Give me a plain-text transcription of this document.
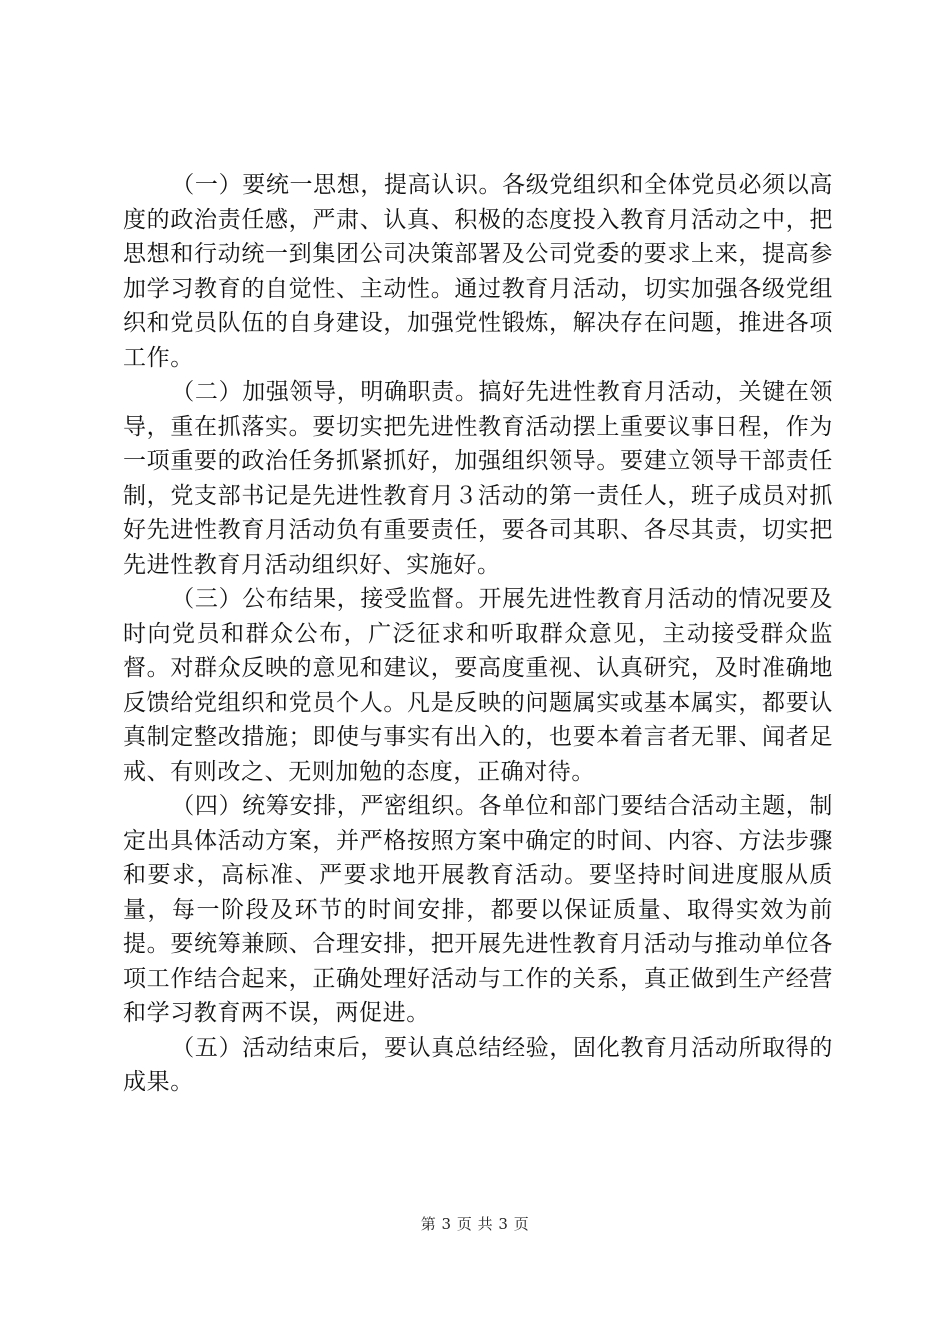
（一）要统一思想，提高认识。各级党组织和全体党员必须以高度的政治责任感，严肃、认真、积极的态度投入教育月活动之中，把思想和行动统一到集团公司决策部署及公司党委的要求上来，提高参加学习教育的自觉性、主动性。通过教育月活动，切实加强各级党组织和党员队伍的自身建设，加强党性锻炼，解决存在问题，推进各项工作。

（二）加强领导，明确职责。搞好先进性教育月活动，关键在领导，重在抓落实。要切实把先进性教育活动摆上重要议事日程，作为一项重要的政治任务抓紧抓好，加强组织领导。要建立领导干部责任制，党支部书记是先进性教育月３活动的第一责任人，班子成员对抓好先进性教育月活动负有重要责任，要各司其职、各尽其责，切实把先进性教育月活动组织好、实施好。

（三）公布结果，接受监督。开展先进性教育月活动的情况要及时向党员和群众公布，广泛征求和听取群众意见，主动接受群众监督。对群众反映的意见和建议，要高度重视、认真研究，及时准确地反馈给党组织和党员个人。凡是反映的问题属实或基本属实，都要认真制定整改措施；即使与事实有出入的，也要本着言者无罪、闻者足戒、有则改之、无则加勉的态度，正确对待。

（四）统筹安排，严密组织。各单位和部门要结合活动主题，制定出具体活动方案，并严格按照方案中确定的时间、内容、方法步骤和要求，高标准、严要求地开展教育活动。要坚持时间进度服从质量，每一阶段及环节的时间安排，都要以保证质量、取得实效为前提。要统筹兼顾、合理安排，把开展先进性教育月活动与推动单位各项工作结合起来，正确处理好活动与工作的关系，真正做到生产经营和学习教育两不误，两促进。

（五）活动结束后，要认真总结经验，固化教育月活动所取得的成果。

第 3 页 共 3 页
